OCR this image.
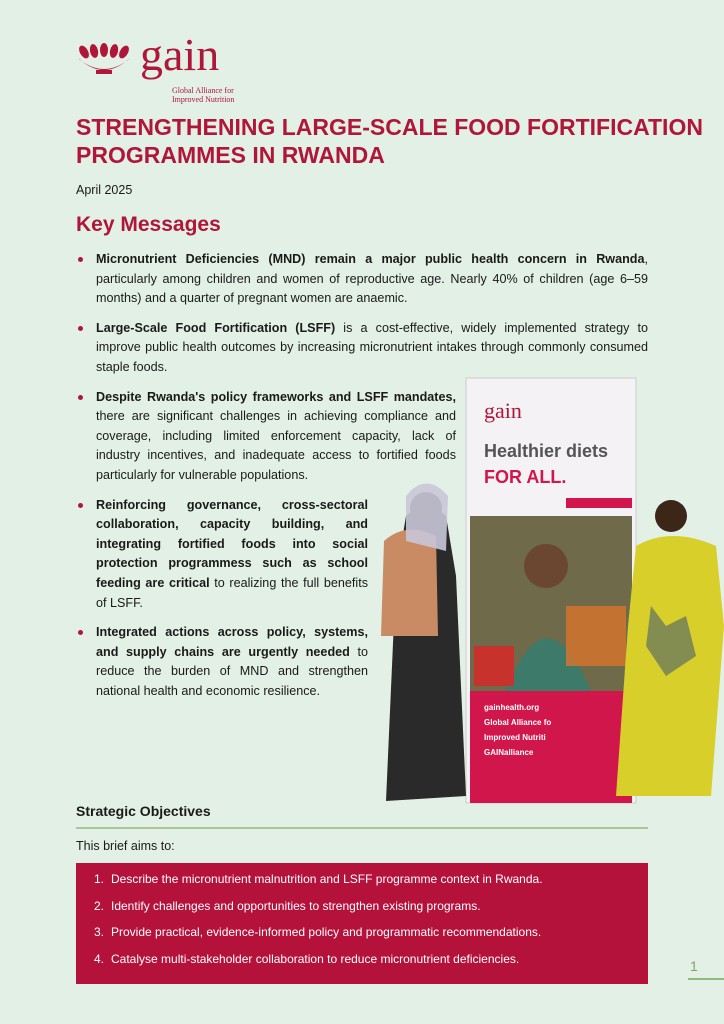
gain
Global Alliance for
Improved Nutrition
STRENGTHENING LARGE-SCALE FOOD FORTIFICATION PROGRAMMES IN RWANDA
April 2025
Key Messages
Micronutrient Deficiencies (MND) remain a major public health concern in Rwanda, particularly among children and women of reproductive age. Nearly 40% of children (age 6–59 months) and a quarter of pregnant women are anaemic.
Large-Scale Food Fortification (LSFF) is a cost-effective, widely implemented strategy to improve public health outcomes by increasing micronutrient intakes through commonly consumed staple foods.
Despite Rwanda's policy frameworks and LSFF mandates, there are significant challenges in achieving compliance and coverage, including limited enforcement capacity, lack of industry incentives, and inadequate access to fortified foods particularly for vulnerable populations.
Reinforcing governance, cross-sectoral collaboration, capacity building, and integrating fortified foods into social protection programmess such as school feeding are critical to realizing the full benefits of LSFF.
Integrated actions across policy, systems, and supply chains are urgently needed to reduce the burden of MND and strengthen national health and economic resilience.
gain
Healthier diets
FOR ALL.
gainhealth.org
Global Alliance fo
Improved Nutriti
GAINalliance
Strategic Objectives
This brief aims to:
1. Describe the micronutrient malnutrition and LSFF programme context in Rwanda.
2. Identify challenges and opportunities to strengthen existing programs.
3. Provide practical, evidence-informed policy and programmatic recommendations.
4. Catalyse multi-stakeholder collaboration to reduce micronutrient deficiencies.	1
